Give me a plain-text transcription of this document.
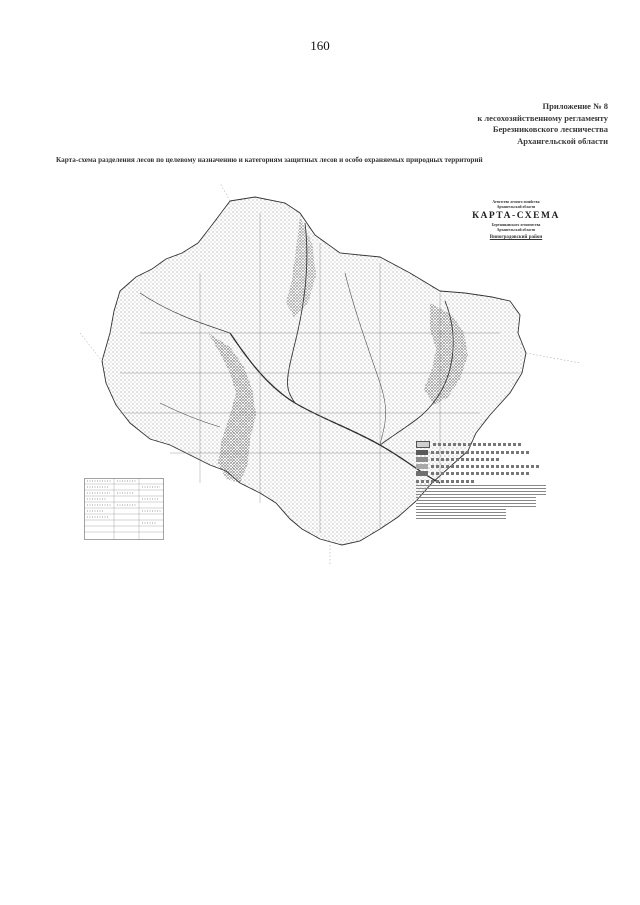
160
Приложение № 8
к лесохозяйственному регламенту
Березниковского лесничества
Архангельской области
Карта-схема разделения лесов по целевому назначению и категориям защитных лесов и особо охраняемых природных территорий
Агентство лесного хозяйства
Архангельской области
КАРТА-СХЕМА
Березниковского лесничества
Архангельской области
Виноградовский район
